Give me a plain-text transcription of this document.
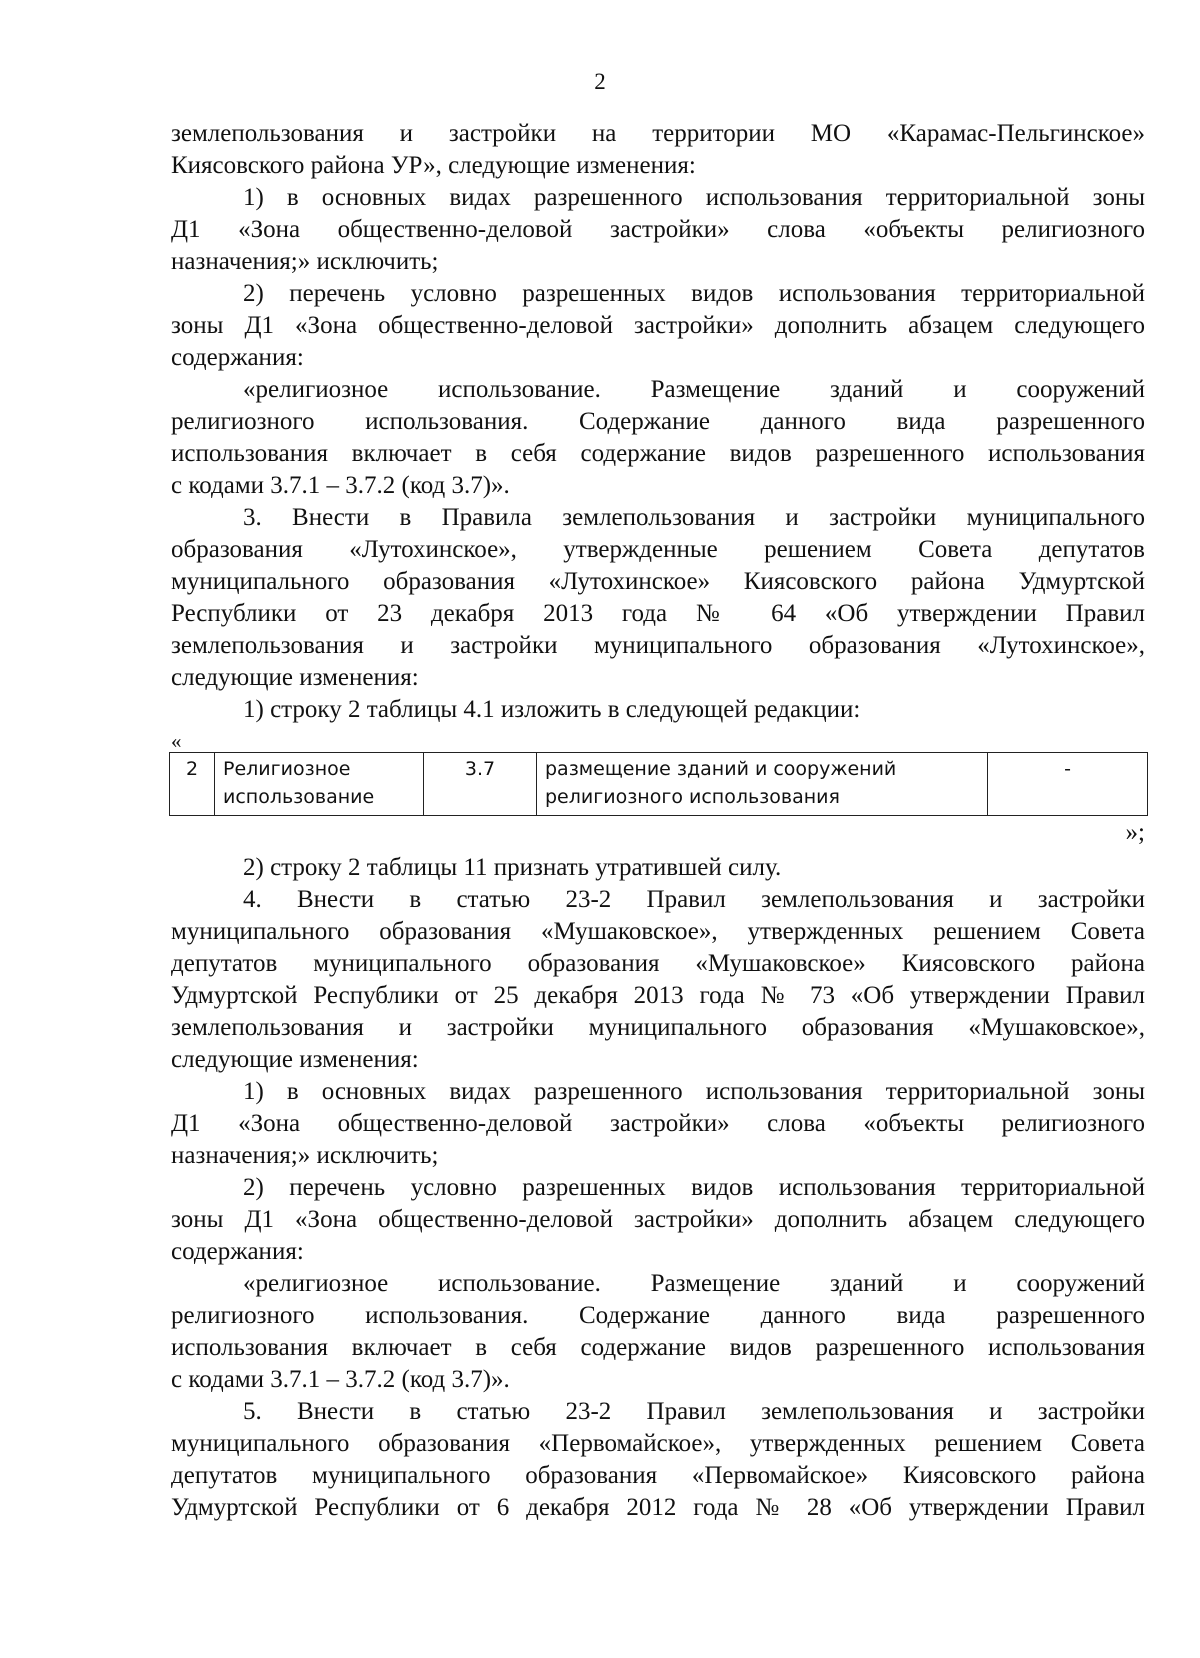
2
землепользования и застройки на территории МО «Карамас-Пельгинское»
Киясовского района УР», следующие изменения:
1) в основных видах разрешенного использования территориальной зоны
Д1 «Зона общественно-деловой застройки» слова «объекты религиозного
назначения;» исключить;
2) перечень условно разрешенных видов использования территориальной
зоны Д1 «Зона общественно-деловой застройки» дополнить абзацем следующего
содержания:
«религиозное использование. Размещение зданий и сооружений
религиозного использования. Содержание данного вида разрешенного
использования включает в себя содержание видов разрешенного использования
с кодами 3.7.1 – 3.7.2 (код 3.7)».
3. Внести в Правила землепользования и застройки муниципального
образования «Лутохинское», утвержденные решением Совета депутатов
муниципального образования «Лутохинское» Киясовского района Удмуртской
Республики от 23 декабря 2013 года № 64 «Об утверждении Правил
землепользования и застройки муниципального образования «Лутохинское»,
следующие изменения:
1) строку 2 таблицы 4.1 изложить в следующей редакции:
«
2	Религиозное использование	3.7	размещение зданий и сооружений религиозного использования	-
»;
2) строку 2 таблицы 11 признать утратившей силу.
4. Внести в статью 23-2 Правил землепользования и застройки
муниципального образования «Мушаковское», утвержденных решением Совета
депутатов муниципального образования «Мушаковское» Киясовского района
Удмуртской Республики от 25 декабря 2013 года № 73 «Об утверждении Правил
землепользования и застройки муниципального образования «Мушаковское»,
следующие изменения:
1) в основных видах разрешенного использования территориальной зоны
Д1 «Зона общественно-деловой застройки» слова «объекты религиозного
назначения;» исключить;
2) перечень условно разрешенных видов использования территориальной
зоны Д1 «Зона общественно-деловой застройки» дополнить абзацем следующего
содержания:
«религиозное использование. Размещение зданий и сооружений
религиозного использования. Содержание данного вида разрешенного
использования включает в себя содержание видов разрешенного использования
с кодами 3.7.1 – 3.7.2 (код 3.7)».
5. Внести в статью 23-2 Правил землепользования и застройки
муниципального образования «Первомайское», утвержденных решением Совета
депутатов муниципального образования «Первомайское» Киясовского района
Удмуртской Республики от 6 декабря 2012 года № 28 «Об утверждении Правил
